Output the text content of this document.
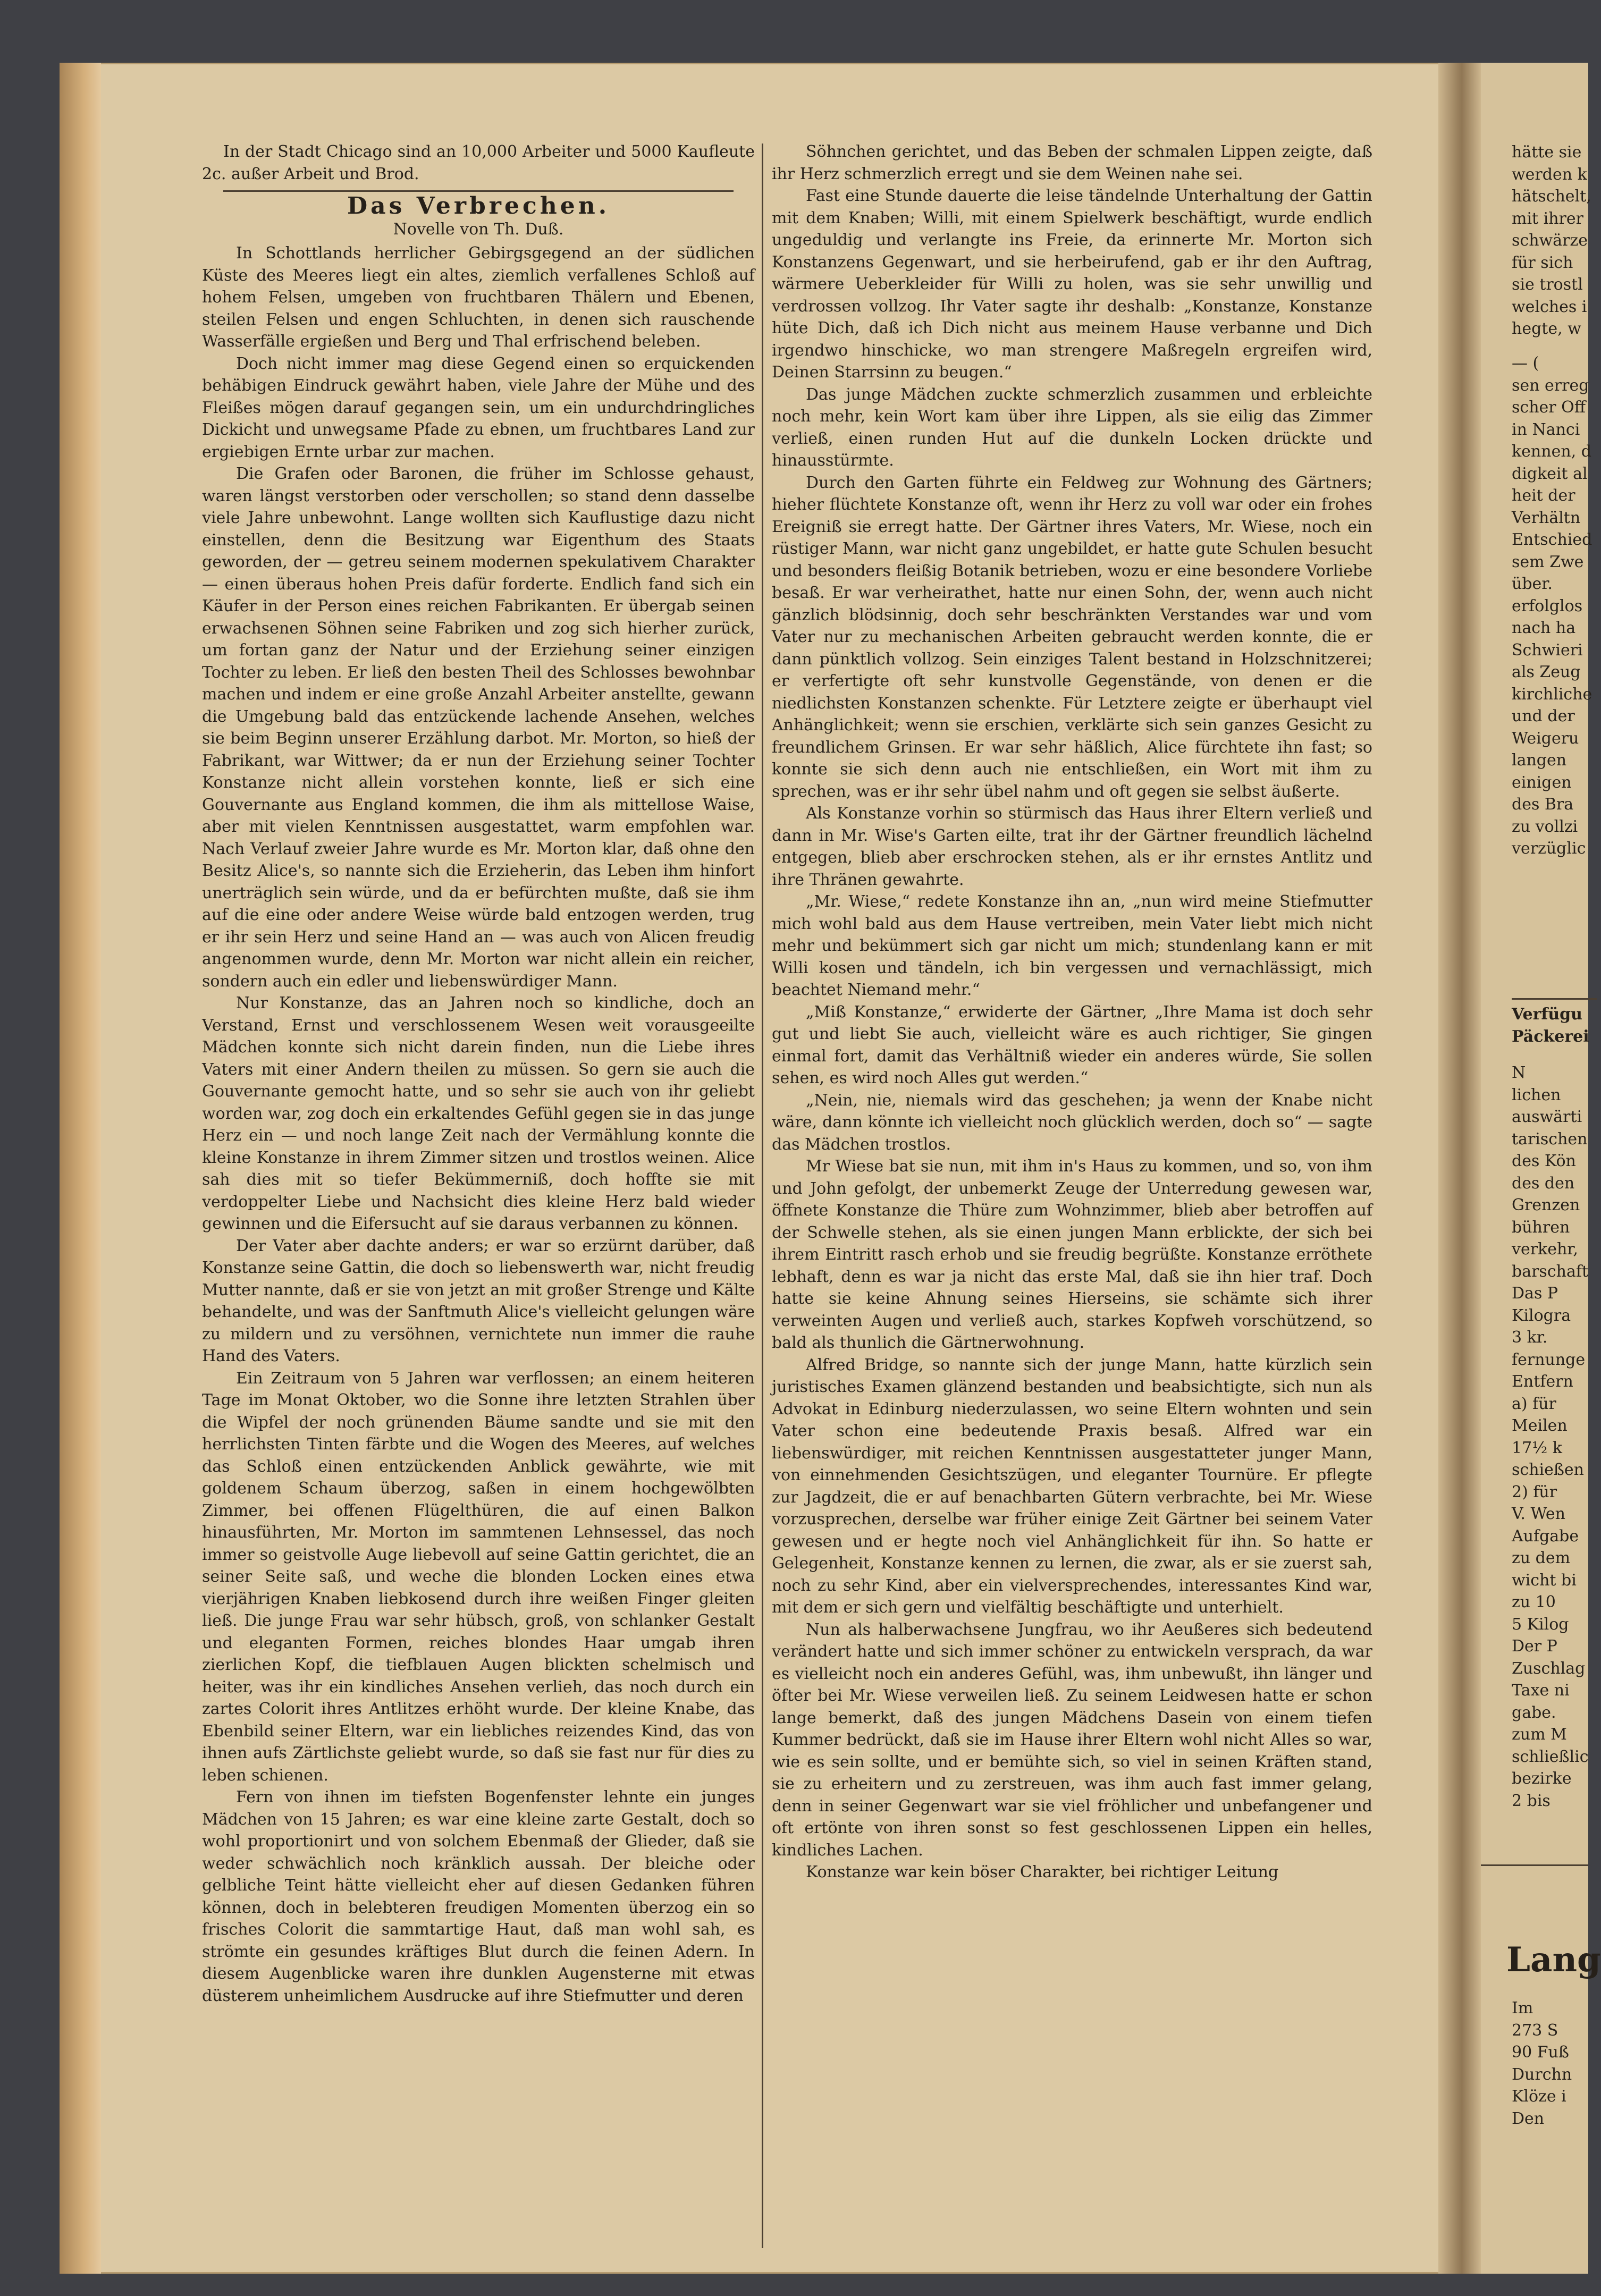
In der Stadt Chicago sind an 10,000 Arbeiter und 5000 Kaufleute 2c. außer Arbeit und Brod.

Das Verbrechen.
Novelle von Th. Duß.

In Schottlands herrlicher Gebirgsgegend an der südlichen Küste des Meeres liegt ein altes, ziemlich verfallenes Schloß auf hohem Felsen, umgeben von fruchtbaren Thälern und Ebenen, steilen Felsen und engen Schluchten, in denen sich rauschende Wasserfälle ergießen und Berg und Thal erfrischend beleben.

Doch nicht immer mag diese Gegend einen so erquickenden behäbigen Eindruck gewährt haben, viele Jahre der Mühe und des Fleißes mögen darauf gegangen sein, um ein undurchdringliches Dickicht und unwegsame Pfade zu ebnen, um fruchtbares Land zur ergiebigen Ernte urbar zur machen.

Die Grafen oder Baronen, die früher im Schlosse gehaust, waren längst verstorben oder verschollen; so stand denn dasselbe viele Jahre unbewohnt. Lange wollten sich Kauflustige dazu nicht einstellen, denn die Besitzung war Eigenthum des Staats geworden, der — getreu seinem modernen spekulativem Charakter — einen überaus hohen Preis dafür forderte. Endlich fand sich ein Käufer in der Person eines reichen Fabrikanten. Er übergab seinen erwachsenen Söhnen seine Fabriken und zog sich hierher zurück, um fortan ganz der Natur und der Erziehung seiner einzigen Tochter zu leben. Er ließ den besten Theil des Schlosses bewohnbar machen und indem er eine große Anzahl Arbeiter anstellte, gewann die Umgebung bald das entzückende lachende Ansehen, welches sie beim Beginn unserer Erzählung darbot. Mr. Morton, so hieß der Fabrikant, war Wittwer; da er nun der Erziehung seiner Tochter Konstanze nicht allein vorstehen konnte, ließ er sich eine Gouvernante aus England kommen, die ihm als mittellose Waise, aber mit vielen Kenntnissen ausgestattet, warm empfohlen war. Nach Verlauf zweier Jahre wurde es Mr. Morton klar, daß ohne den Besitz Alice's, so nannte sich die Erzieherin, das Leben ihm hinfort unerträglich sein würde, und da er befürchten mußte, daß sie ihm auf die eine oder andere Weise würde bald entzogen werden, trug er ihr sein Herz und seine Hand an — was auch von Alicen freudig angenommen wurde, denn Mr. Morton war nicht allein ein reicher, sondern auch ein edler und liebenswürdiger Mann.

Nur Konstanze, das an Jahren noch so kindliche, doch an Verstand, Ernst und verschlossenem Wesen weit vorausgeeilte Mädchen konnte sich nicht darein finden, nun die Liebe ihres Vaters mit einer Andern theilen zu müssen. So gern sie auch die Gouvernante gemocht hatte, und so sehr sie auch von ihr geliebt worden war, zog doch ein erkaltendes Gefühl gegen sie in das junge Herz ein — und noch lange Zeit nach der Vermählung konnte die kleine Konstanze in ihrem Zimmer sitzen und trostlos weinen. Alice sah dies mit so tiefer Bekümmerniß, doch hoffte sie mit verdoppelter Liebe und Nachsicht dies kleine Herz bald wieder gewinnen und die Eifersucht auf sie daraus verbannen zu können.

Der Vater aber dachte anders; er war so erzürnt darüber, daß Konstanze seine Gattin, die doch so liebenswerth war, nicht freudig Mutter nannte, daß er sie von jetzt an mit großer Strenge und Kälte behandelte, und was der Sanftmuth Alice's vielleicht gelungen wäre zu mildern und zu versöhnen, vernichtete nun immer die rauhe Hand des Vaters.

Ein Zeitraum von 5 Jahren war verflossen; an einem heiteren Tage im Monat Oktober, wo die Sonne ihre letzten Strahlen über die Wipfel der noch grünenden Bäume sandte und sie mit den herrlichsten Tinten färbte und die Wogen des Meeres, auf welches das Schloß einen entzückenden Anblick gewährte, wie mit goldenem Schaum überzog, saßen in einem hochgewölbten Zimmer, bei offenen Flügelthüren, die auf einen Balkon hinausführten, Mr. Morton im sammtenen Lehnsessel, das noch immer so geistvolle Auge liebevoll auf seine Gattin gerichtet, die an seiner Seite saß, und weche die blonden Locken eines etwa vierjährigen Knaben liebkosend durch ihre weißen Finger gleiten ließ. Die junge Frau war sehr hübsch, groß, von schlanker Gestalt und eleganten Formen, reiches blondes Haar umgab ihren zierlichen Kopf, die tiefblauen Augen blickten schelmisch und heiter, was ihr ein kindliches Ansehen verlieh, das noch durch ein zartes Colorit ihres Antlitzes erhöht wurde. Der kleine Knabe, das Ebenbild seiner Eltern, war ein liebliches reizendes Kind, das von ihnen aufs Zärtlichste geliebt wurde, so daß sie fast nur für dies zu leben schienen.

Fern von ihnen im tiefsten Bogenfenster lehnte ein junges Mädchen von 15 Jahren; es war eine kleine zarte Gestalt, doch so wohl proportionirt und von solchem Ebenmaß der Glieder, daß sie weder schwächlich noch kränklich aussah. Der bleiche oder gelbliche Teint hätte vielleicht eher auf diesen Gedanken führen können, doch in belebteren freudigen Momenten überzog ein so frisches Colorit die sammtartige Haut, daß man wohl sah, es strömte ein gesundes kräftiges Blut durch die feinen Adern. In diesem Augenblicke waren ihre dunklen Augensterne mit etwas düsterem unheimlichem Ausdrucke auf ihre Stiefmutter und deren

Söhnchen gerichtet, und das Beben der schmalen Lippen zeigte, daß ihr Herz schmerzlich erregt und sie dem Weinen nahe sei.

Fast eine Stunde dauerte die leise tändelnde Unterhaltung der Gattin mit dem Knaben; Willi, mit einem Spielwerk beschäftigt, wurde endlich ungeduldig und verlangte ins Freie, da erinnerte Mr. Morton sich Konstanzens Gegenwart, und sie herbeirufend, gab er ihr den Auftrag, wärmere Ueberkleider für Willi zu holen, was sie sehr unwillig und verdrossen vollzog. Ihr Vater sagte ihr deshalb: „Konstanze, Konstanze hüte Dich, daß ich Dich nicht aus meinem Hause verbanne und Dich irgendwo hinschicke, wo man strengere Maßregeln ergreifen wird, Deinen Starrsinn zu beugen.“

Das junge Mädchen zuckte schmerzlich zusammen und erbleichte noch mehr, kein Wort kam über ihre Lippen, als sie eilig das Zimmer verließ, einen runden Hut auf die dunkeln Locken drückte und hinausstürmte.

Durch den Garten führte ein Feldweg zur Wohnung des Gärtners; hieher flüchtete Konstanze oft, wenn ihr Herz zu voll war oder ein frohes Ereigniß sie erregt hatte. Der Gärtner ihres Vaters, Mr. Wiese, noch ein rüstiger Mann, war nicht ganz ungebildet, er hatte gute Schulen besucht und besonders fleißig Botanik betrieben, wozu er eine besondere Vorliebe besaß. Er war verheirathet, hatte nur einen Sohn, der, wenn auch nicht gänzlich blödsinnig, doch sehr beschränkten Verstandes war und vom Vater nur zu mechanischen Arbeiten gebraucht werden konnte, die er dann pünktlich vollzog. Sein einziges Talent bestand in Holzschnitzerei; er verfertigte oft sehr kunstvolle Gegenstände, von denen er die niedlichsten Konstanzen schenkte. Für Letztere zeigte er überhaupt viel Anhänglichkeit; wenn sie erschien, verklärte sich sein ganzes Gesicht zu freundlichem Grinsen. Er war sehr häßlich, Alice fürchtete ihn fast; so konnte sie sich denn auch nie entschließen, ein Wort mit ihm zu sprechen, was er ihr sehr übel nahm und oft gegen sie selbst äußerte.

Als Konstanze vorhin so stürmisch das Haus ihrer Eltern verließ und dann in Mr. Wise's Garten eilte, trat ihr der Gärtner freundlich lächelnd entgegen, blieb aber erschrocken stehen, als er ihr ernstes Antlitz und ihre Thränen gewahrte.

„Mr. Wiese,“ redete Konstanze ihn an, „nun wird meine Stiefmutter mich wohl bald aus dem Hause vertreiben, mein Vater liebt mich nicht mehr und bekümmert sich gar nicht um mich; stundenlang kann er mit Willi kosen und tändeln, ich bin vergessen und vernachlässigt, mich beachtet Niemand mehr.“

„Miß Konstanze,“ erwiderte der Gärtner, „Ihre Mama ist doch sehr gut und liebt Sie auch, vielleicht wäre es auch richtiger, Sie gingen einmal fort, damit das Verhältniß wieder ein anderes würde, Sie sollen sehen, es wird noch Alles gut werden.“

„Nein, nie, niemals wird das geschehen; ja wenn der Knabe nicht wäre, dann könnte ich vielleicht noch glücklich werden, doch so“ — sagte das Mädchen trostlos.

Mr Wiese bat sie nun, mit ihm in's Haus zu kommen, und so, von ihm und John gefolgt, der unbemerkt Zeuge der Unterredung gewesen war, öffnete Konstanze die Thüre zum Wohnzimmer, blieb aber betroffen auf der Schwelle stehen, als sie einen jungen Mann erblickte, der sich bei ihrem Eintritt rasch erhob und sie freudig begrüßte. Konstanze erröthete lebhaft, denn es war ja nicht das erste Mal, daß sie ihn hier traf. Doch hatte sie keine Ahnung seines Hierseins, sie schämte sich ihrer verweinten Augen und verließ auch, starkes Kopfweh vorschützend, so bald als thunlich die Gärtnerwohnung.

Alfred Bridge, so nannte sich der junge Mann, hatte kürzlich sein juristisches Examen glänzend bestanden und beabsichtigte, sich nun als Advokat in Edinburg niederzulassen, wo seine Eltern wohnten und sein Vater schon eine bedeutende Praxis besaß. Alfred war ein liebenswürdiger, mit reichen Kenntnissen ausgestatteter junger Mann, von einnehmenden Gesichtszügen, und eleganter Tournüre. Er pflegte zur Jagdzeit, die er auf benachbarten Gütern verbrachte, bei Mr. Wiese vorzusprechen, derselbe war früher einige Zeit Gärtner bei seinem Vater gewesen und er hegte noch viel Anhänglichkeit für ihn. So hatte er Gelegenheit, Konstanze kennen zu lernen, die zwar, als er sie zuerst sah, noch zu sehr Kind, aber ein vielversprechendes, interessantes Kind war, mit dem er sich gern und vielfältig beschäftigte und unterhielt.

Nun als halberwachsene Jungfrau, wo ihr Aeußeres sich bedeutend verändert hatte und sich immer schöner zu entwickeln versprach, da war es vielleicht noch ein anderes Gefühl, was, ihm unbewußt, ihn länger und öfter bei Mr. Wiese verweilen ließ. Zu seinem Leidwesen hatte er schon lange bemerkt, daß des jungen Mädchens Dasein von einem tiefen Kummer bedrückt, daß sie im Hause ihrer Eltern wohl nicht Alles so war, wie es sein sollte, und er bemühte sich, so viel in seinen Kräften stand, sie zu erheitern und zu zerstreuen, was ihm auch fast immer gelang, denn in seiner Gegenwart war sie viel fröhlicher und unbefangener und oft ertönte von ihren sonst so fest geschlossenen Lippen ein helles, kindliches Lachen.

Konstanze war kein böser Charakter, bei richtiger Leitung

hätte sie
werden k
hätschelt,
mit ihrer
schwärze
für sich
sie trostl
welches i
hegte, w
— (
sen erreg
scher Off
in Nanci
kennen, d
digkeit al
heit der
Verhältn
Entschied
sem Zwe
über.
erfolglos
nach ha
Schwieri
als Zeug
kirchliche
und der
Weigeru
langen
einigen
des Bra
zu vollzi
verzüglic
Verfügu
Päckerei
N
lichen
auswärti
tarischen
des Kön
des den
Grenzen
bühren
verkehr,
barschaft
Das P
Kilogra
3 kr.
fernunge
Entfern
a) für
Meilen
17½ k
schießen
2) für
V. Wen
Aufgabe
zu dem
wicht bi
zu 10
5 Kilog
Der P
Zuschlag
Taxe ni
gabe.
zum M
schließlic
bezirke
2 bis
Lang
Im
273 S
90 Fuß
Durchn
Klöze i
Den
